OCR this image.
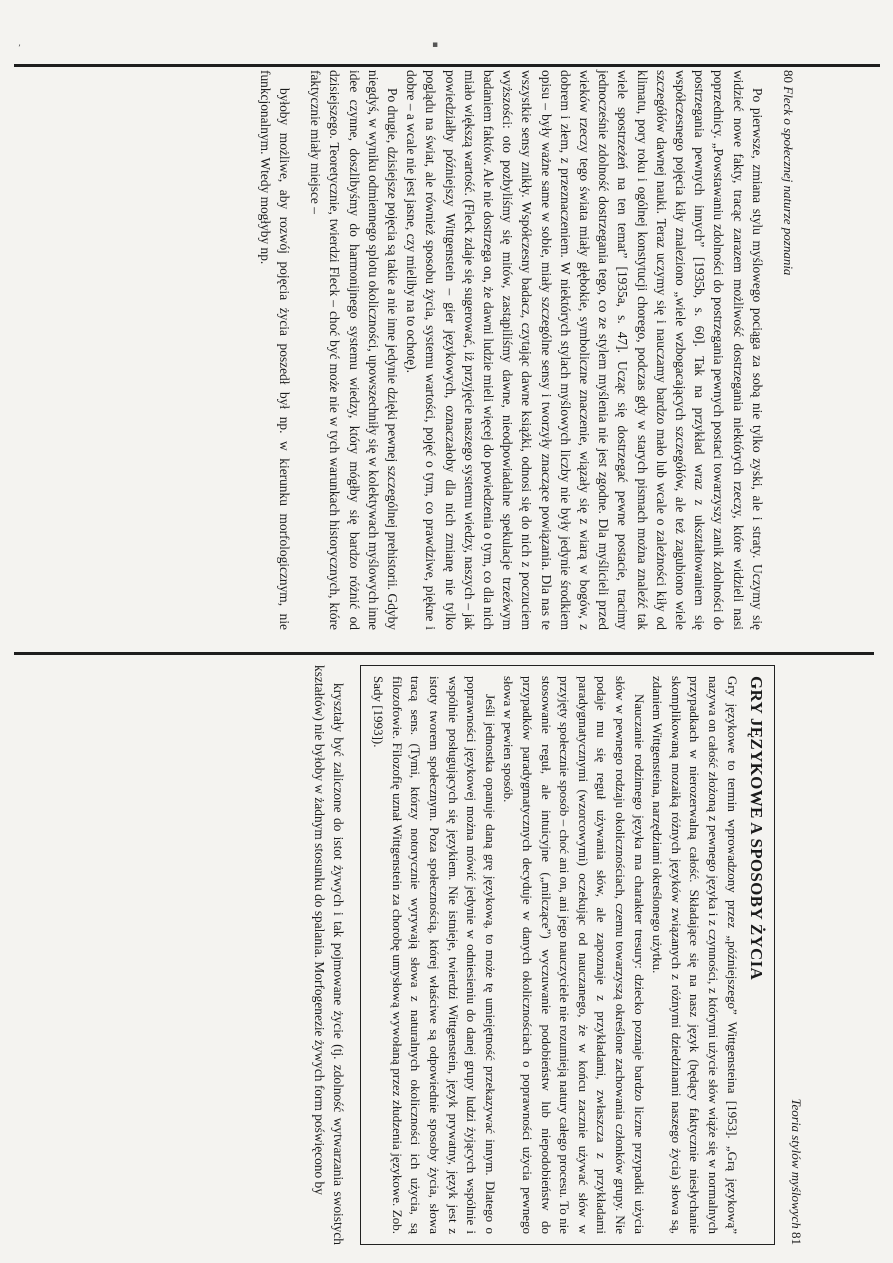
ʼ	▪
80 Fleck o społecznej naturze poznania

Po pierwsze, zmiana stylu myślowego pociąga za sobą nie tylko zyski, ale i straty. Uczymy się widzieć nowe fakty, tracąc zarazem możliwość dostrzegania niektórych rzeczy, które widzieli nasi poprzednicy. „Powstawaniu zdolności do postrzegania pewnych postaci towarzyszy zanik zdolności do postrzegania pewnych innych” [1935b, s. 60]. Tak na przykład wraz z ukształtowaniem się współczesnego pojęcia kiły znaleziono „wiele wzbogacających szczegółów, ale też zagubiono wiele szczegółów dawnej nauki. Teraz uczymy się i nauczamy bardzo mało lub wcale o zależności kiły od klimatu, pory roku i ogólnej konstytucji chorego, podczas gdy w starych pismach można znaleźć tak wiele spostrzeżeń na ten temat” [1935a, s. 47]. Ucząc się dostrzegać pewne postacie, tracimy jednocześnie zdolność dostrzegania tego, co ze stylem myślenia nie jest zgodne. Dla myślicieli przed wieków rzeczy tego świata miały głębokie, symboliczne znaczenie, wiązały się z wiarą w bogów, z dobrem i złem, z przeznaczeniem. W niektórych stylach myślowych liczby nie były jedynie środkiem opisu – były ważne same w sobie, miały szczególne sensy i tworzyły znaczące powiązania. Dla nas te wszystkie sensy znikły. Współczesny badacz, czytając dawne książki, odnosi się do nich z poczuciem wyższości: oto pozbyliśmy się mitów, zastąpiliśmy dawne, nieodpowiadalne spekulacje trzeźwym badaniem faktów. Ale nie dostrzega on, że dawni ludzie mieli więcej do powiedzenia o tym, co dla nich miało większą wartość. (Fleck zdaje się sugerować, iż przyjęcie naszego systemu wiedzy, naszych – jak powiedziałby późniejszy Wittgenstein – gier językowych, oznaczałoby dla nich zmianę nie tylko poglądu na świat, ale również sposobu życia, systemu wartości, pojęć o tym, co prawdziwe, piękne i dobre – a wcale nie jest jasne, czy mieliby na to ochotę).

Po drugie, dzisiejsze pojęcia są takie a nie inne jedynie dzięki pewnej szczególnej prehistorii. Gdyby niegdyś, w wyniku odmiennego splotu okoliczności, upowszechniły się w kolektywach myślowych inne idee czynne, doszlibyśmy do harmonijnego systemu wiedzy, który mógłby się bardzo różnić od dzisiejszego. Teoretycznie, twierdzi Fleck – choć być może nie w tych warunkach historycznych, które faktycznie miały miejsce –

byłoby możliwe, aby rozwój pojęcia życia poszedł był np. w kierunku morfologicznym, nie funkcjonalnym. Wtedy mogłyby np.

Teoria stylów myślowych 81
GRY JĘZYKOWE A SPOSOBY ŻYCIA

Gry językowe to termin wprowadzony przez „późniejszego” Wittgensteina [1953]. „Grą językową” nazywa on całość złożoną z pewnego języka i z czynności, z którymi użycie słów wiąże się w normalnych przypadkach w nierozerwalną całość. Składające się na nasz język (będący faktycznie niesłychanie skomplikowaną mozaiką różnych języków związanych z różnymi dziedzinami naszego życia) słowa są, zdaniem Wittgensteina, narzędziami określonego użytku.

Nauczanie rodzimego języka ma charakter tresury: dziecko poznaje bardzo liczne przypadki użycia słów w pewnego rodzaju okolicznościach, czemu towarzyszą określone zachowania członków grupy. Nie podaje mu się reguł używania słów, ale zapoznaje z przykładami, zwłaszcza z przykładami paradygmatycznymi (wzorcowymi) oczekując od nauczanego, że w końcu zacznie używać słów w przyjęty społecznie sposób – choć ani on, ani jego nauczyciele nie rozumieją natury całego procesu. To nie stosowanie reguł, ale intuicyjne („milczące”) wyczuwanie podobieństw lub niepodobieństw do przypadków paradygmatycznych decyduje w danych okolicznościach o poprawności użycia pewnego słowa w pewien sposób.

Jeśli jednostka opanuje daną grę językową, to może tę umiejętność przekazywać innym. Dlatego o poprawności językowej można mówić jedynie w odniesieniu do danej grupy ludzi żyjących wspólnie i wspólnie posługujących się językiem. Nie istnieje, twierdzi Wittgenstein, język prywatny, język jest z istoty tworem społecznym. Poza społecznością, której właściwe są odpowiednie sposoby życia, słowa tracą sens. (Tymi, którzy notorycznie wyrywają słowa z naturalnych okoliczności ich użycia, są filozofowie. Filozofię uznał Wittgenstein za chorobę umysłową wywołaną przez złudzenia językowe. Zob. Sady [1993]).

kryształy być zaliczone do istot żywych i tak pojmowane życie (tj. zdolność wytwarzania swoistych kształtów) nie byłoby w żadnym stosunku do spalania. Morfogenezie żywych form poświęcono by
